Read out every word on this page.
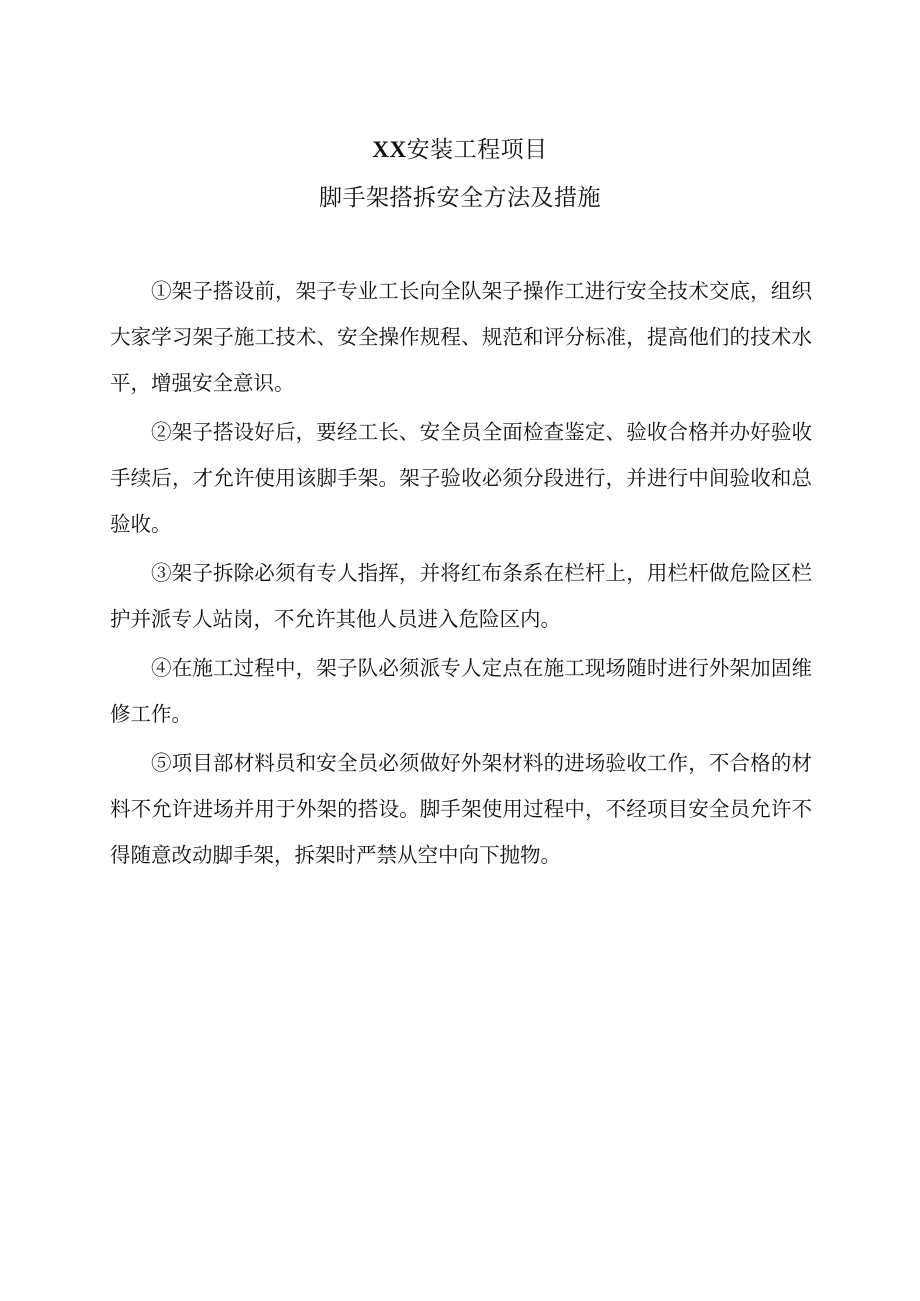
XX安装工程项目
脚手架搭拆安全方法及措施

①架子搭设前，架子专业工长向全队架子操作工进行安全技术交底，组织大家学习架子施工技术、安全操作规程、规范和评分标准，提高他们的技术水平，增强安全意识。

②架子搭设好后，要经工长、安全员全面检查鉴定、验收合格并办好验收手续后，才允许使用该脚手架。架子验收必须分段进行，并进行中间验收和总验收。

③架子拆除必须有专人指挥，并将红布条系在栏杆上，用栏杆做危险区栏护并派专人站岗，不允许其他人员进入危险区内。

④在施工过程中，架子队必须派专人定点在施工现场随时进行外架加固维修工作。

⑤项目部材料员和安全员必须做好外架材料的进场验收工作，不合格的材料不允许进场并用于外架的搭设。脚手架使用过程中，不经项目安全员允许不得随意改动脚手架，拆架时严禁从空中向下抛物。
